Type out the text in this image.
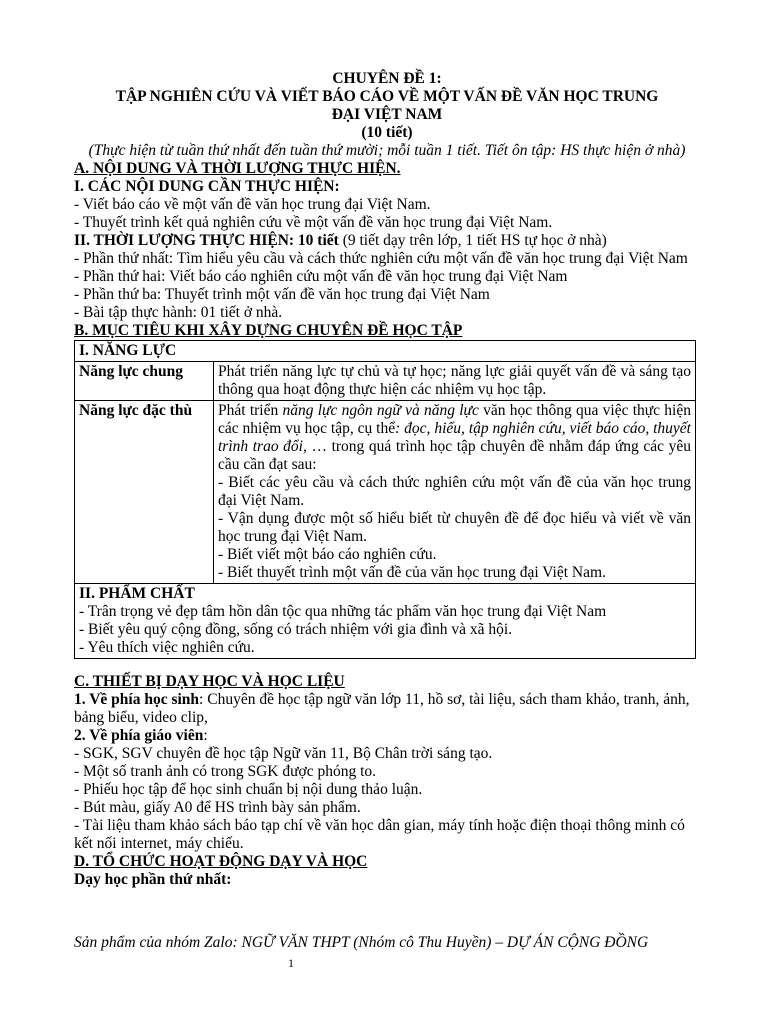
CHUYÊN ĐỀ 1:

TẬP NGHIÊN CỨU VÀ VIẾT BÁO CÁO VỀ MỘT VẤN ĐỀ VĂN HỌC TRUNG

ĐẠI VIỆT NAM

(10 tiết)

(Thực hiện từ tuần thứ nhất đến tuần thứ mười; mỗi tuần 1 tiết. Tiết ôn tập: HS thực hiện ở nhà)

A. NỘI DUNG VÀ THỜI LƯỢNG THỰC HIỆN.

I. CÁC NỘI DUNG CẦN THỰC HIỆN:

- Viết báo cáo về một vấn đề văn học trung đại Việt Nam.

- Thuyết trình kết quả nghiên cứu về một vấn đề văn học trung đại Việt Nam.

II. THỜI LƯỢNG THỰC HIỆN: 10 tiết (9 tiết dạy trên lớp, 1 tiết HS tự học ở nhà)

- Phần thứ nhất: Tìm hiểu yêu cầu và cách thức nghiên cứu một vấn đề văn học trung đại Việt Nam

- Phần thứ hai: Viết báo cáo nghiên cứu một vấn đề văn học trung đại Việt Nam

- Phần thứ ba: Thuyết trình một vấn đề văn học trung đại Việt Nam

- Bài tập thực hành: 01 tiết ở nhà.

B. MỤC TIÊU KHI XÂY DỰNG CHUYÊN ĐỀ HỌC TẬP

I. NĂNG LỰC	
Năng lực chung	Phát triển năng lực tự chủ và tự học; năng lực giải quyết vấn đề và sáng tạo thông qua hoạt động thực hiện các nhiệm vụ học tập.
Năng lực đặc thù	Phát triển năng lực ngôn ngữ và năng lực văn học thông qua việc thực hiện các nhiệm vụ học tập, cụ thể: đọc, hiểu, tập nghiên cứu, viết báo cáo, thuyết trình trao đổi, … trong quá trình học tập chuyên đề nhằm đáp ứng các yêu cầu cần đạt sau:
- Biết các yêu cầu và cách thức nghiên cứu một vấn đề của văn học trung đại Việt Nam.
- Vận dụng được một số hiểu biết từ chuyên đề để đọc hiểu và viết về văn học trung đại Việt Nam.
- Biết viết một báo cáo nghiên cứu.
- Biết thuyết trình một vấn đề của văn học trung đại Việt Nam.

II. PHẨM CHẤT
- Trân trọng vẻ đẹp tâm hồn dân tộc qua những tác phẩm văn học trung đại Việt Nam
- Biết yêu quý cộng đồng, sống có trách nhiệm với gia đình và xã hội.
- Yêu thích việc nghiên cứu.	

C. THIẾT BỊ DẠY HỌC VÀ HỌC LIỆU

1. Về phía học sinh: Chuyên đề học tập ngữ văn lớp 11, hồ sơ, tài liệu, sách tham khảo, tranh, ảnh, bảng biểu, video clip,

2. Về phía giáo viên:

- SGK, SGV chuyên đề học tập Ngữ văn 11, Bộ Chân trời sáng tạo.

- Một số tranh ảnh có trong SGK được phóng to.

- Phiếu học tập để học sinh chuẩn bị nội dung thảo luận.

- Bút màu, giấy A0 để HS trình bày sản phẩm.

- Tài liệu tham khảo sách báo tạp chí về văn học dân gian, máy tính hoặc điện thoại thông minh có kết nối internet, máy chiếu.

D. TỔ CHỨC HOẠT ĐỘNG DẠY VÀ HỌC

Dạy học phần thứ nhất:

Sản phẩm của nhóm Zalo: NGỮ VĂN THPT (Nhóm cô Thu Huyền) – DỰ ÁN CỘNG ĐỒNG
1
